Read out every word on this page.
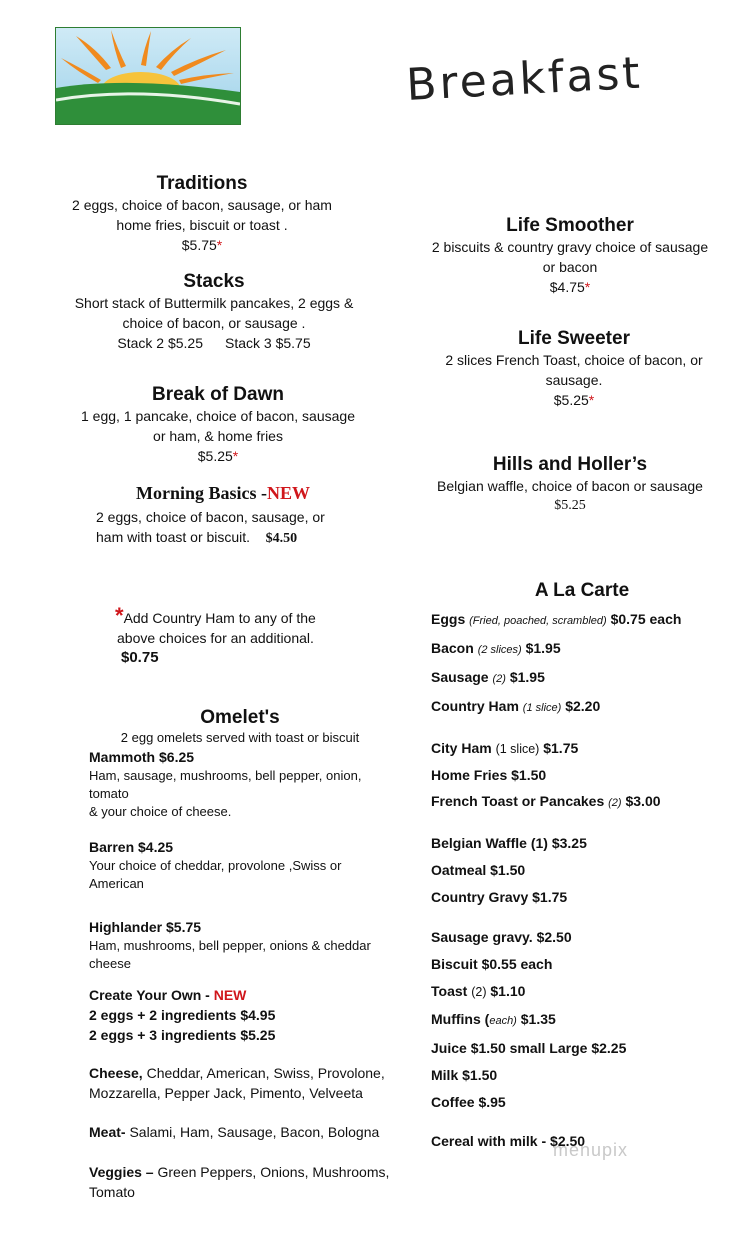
Breakfast
Traditions
2 eggs, choice of bacon, sausage, or ham
home fries, biscuit or toast .
$5.75*
Stacks
Short stack of Buttermilk pancakes, 2 eggs &
choice of bacon, or sausage .
Stack 2 $5.25 Stack 3 $5.75
Break of Dawn
1 egg, 1 pancake, choice of bacon, sausage
or ham, & home fries
$5.25*
Morning Basics -NEW
2 eggs, choice of bacon, sausage, or
ham with toast or biscuit. $4.50
*Add Country Ham to any of the
above choices for an additional.
$0.75
Omelet's
2 egg omelets served with toast or biscuit
Mammoth $6.25
Ham, sausage, mushrooms, bell pepper, onion, tomato
& your choice of cheese.
Barren $4.25
Your choice of cheddar, provolone ,Swiss or American
Highlander $5.75
Ham, mushrooms, bell pepper, onions & cheddar
cheese
Create Your Own - NEW
2 eggs + 2 ingredients $4.95
2 eggs + 3 ingredients $5.25
Cheese, Cheddar, American, Swiss, Provolone,
Mozzarella, Pepper Jack, Pimento, Velveeta
Meat- Salami, Ham, Sausage, Bacon, Bologna
Veggies – Green Peppers, Onions, Mushrooms,
Tomato
Life Smoother
2 biscuits & country gravy choice of sausage
or bacon
$4.75*
Life Sweeter
2 slices French Toast, choice of bacon, or
sausage.
$5.25*
Hills and Holler’s
Belgian waffle, choice of bacon or sausage
$5.25
A La Carte
Eggs (Fried, poached, scrambled) $0.75 each
Bacon (2 slices) $1.95
Sausage (2) $1.95
Country Ham (1 slice) $2.20
City Ham (1 slice) $1.75
Home Fries $1.50
French Toast or Pancakes (2) $3.00
Belgian Waffle (1) $3.25
Oatmeal $1.50
Country Gravy $1.75
Sausage gravy. $2.50
Biscuit $0.55 each
Toast (2) $1.10
Muffins (each) $1.35
Juice $1.50 small Large $2.25
Milk $1.50
Coffee $.95
Cereal with milk - $2.50
menupix
